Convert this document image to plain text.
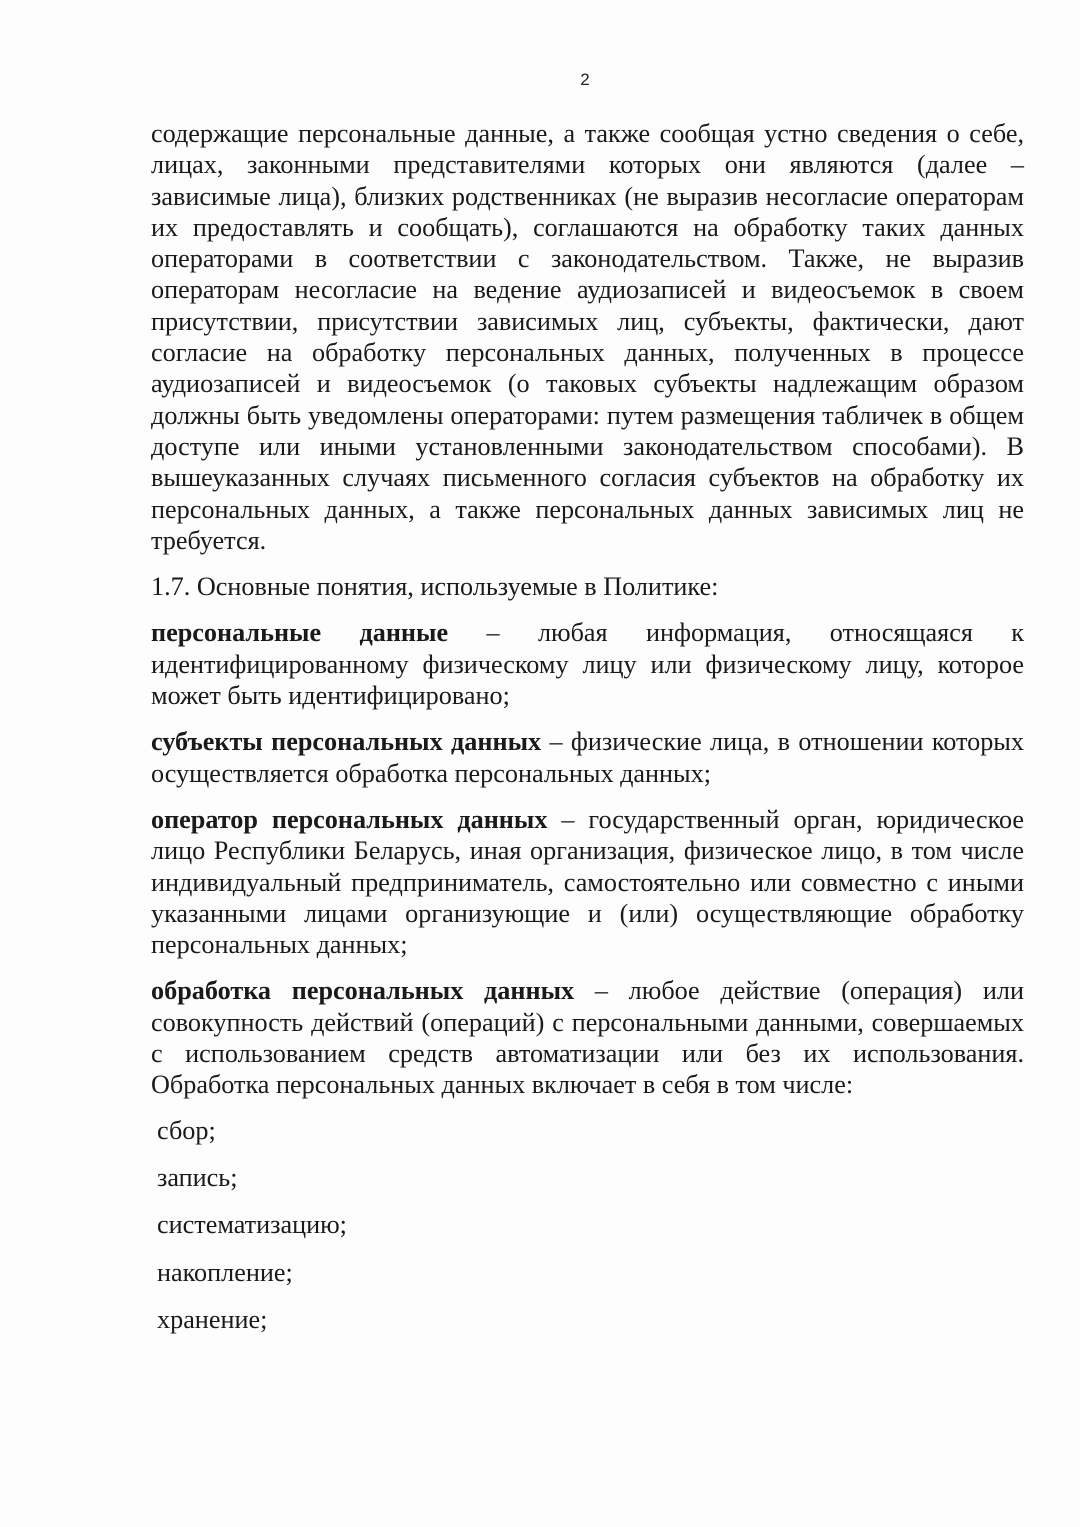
2

содержащие персональные данные, а также сообщая устно сведения о себе, лицах, законными представителями которых они являются (далее – зависимые лица), близких родственниках (не выразив несогласие операторам их предоставлять и сообщать), соглашаются на обработку таких данных операторами в соответствии с законодательством. Также, не выразив операторам несогласие на ведение аудиозаписей и видеосъемок в своем присутствии, присутствии зависимых лиц, субъекты, фактически, дают согласие на обработку персональных данных, полученных в процессе аудиозаписей и видеосъемок (о таковых субъекты надлежащим образом должны быть уведомлены операторами: путем размещения табличек в общем доступе или иными установленными законодательством способами). В вышеуказанных случаях письменного согласия субъектов на обработку их персональных данных, а также персональных данных зависимых лиц не требуется.

1.7. Основные понятия, используемые в Политике:

персональные данные – любая информация, относящаяся к идентифицированному физическому лицу или физическому лицу, которое может быть идентифицировано;

субъекты персональных данных – физические лица, в отношении которых осуществляется обработка персональных данных;

оператор персональных данных – государственный орган, юридическое лицо Республики Беларусь, иная организация, физическое лицо, в том числе индивидуальный предприниматель, самостоятельно или совместно с иными указанными лицами организующие и (или) осуществляющие обработку персональных данных;

обработка персональных данных – любое действие (операция) или совокупность действий (операций) с персональными данными, совершаемых с использованием средств автоматизации или без их использования. Обработка персональных данных включает в себя в том числе:

сбор;
запись;
систематизацию;
накопление;
хранение;
